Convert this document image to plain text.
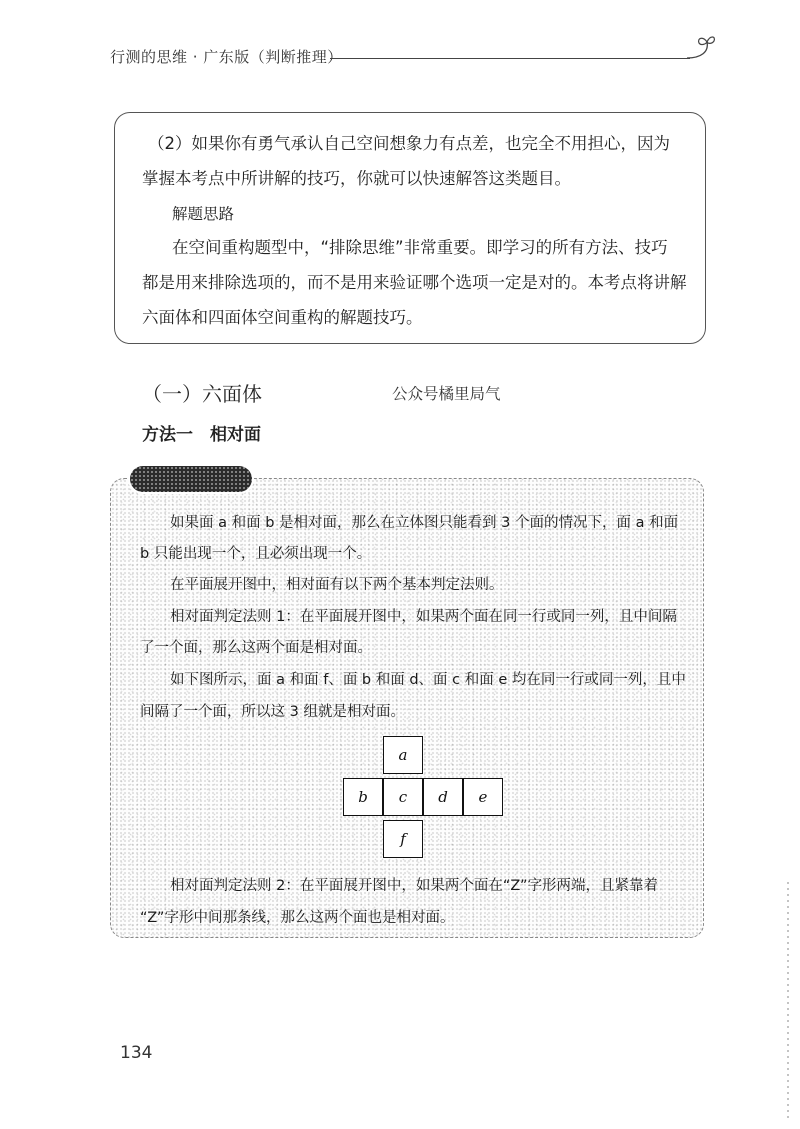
行测的思维 · 广东版（判断推理）
（2）如果你有勇气承认自己空间想象力有点差，也完全不用担心，因为
掌握本考点中所讲解的技巧，你就可以快速解答这类题目。
解题思路
在空间重构题型中，“排除思维”非常重要。即学习的所有方法、技巧
都是用来排除选项的，而不是用来验证哪个选项一定是对的。本考点将讲解
六面体和四面体空间重构的解题技巧。
（一）六面体	公众号橘里局气
方法一　相对面
如果面 a 和面 b 是相对面，那么在立体图只能看到 3 个面的情况下，面 a 和面
b 只能出现一个，且必须出现一个。
在平面展开图中，相对面有以下两个基本判定法则。
相对面判定法则 1：在平面展开图中，如果两个面在同一行或同一列，且中间隔
了一个面，那么这两个面是相对面。
如下图所示，面 a 和面 f、面 b 和面 d、面 c 和面 e 均在同一行或同一列，且中
间隔了一个面，所以这 3 组就是相对面。
a
b	c	d	e
f
相对面判定法则 2：在平面展开图中，如果两个面在“Z”字形两端，且紧靠着
“Z”字形中间那条线，那么这两个面也是相对面。
134
